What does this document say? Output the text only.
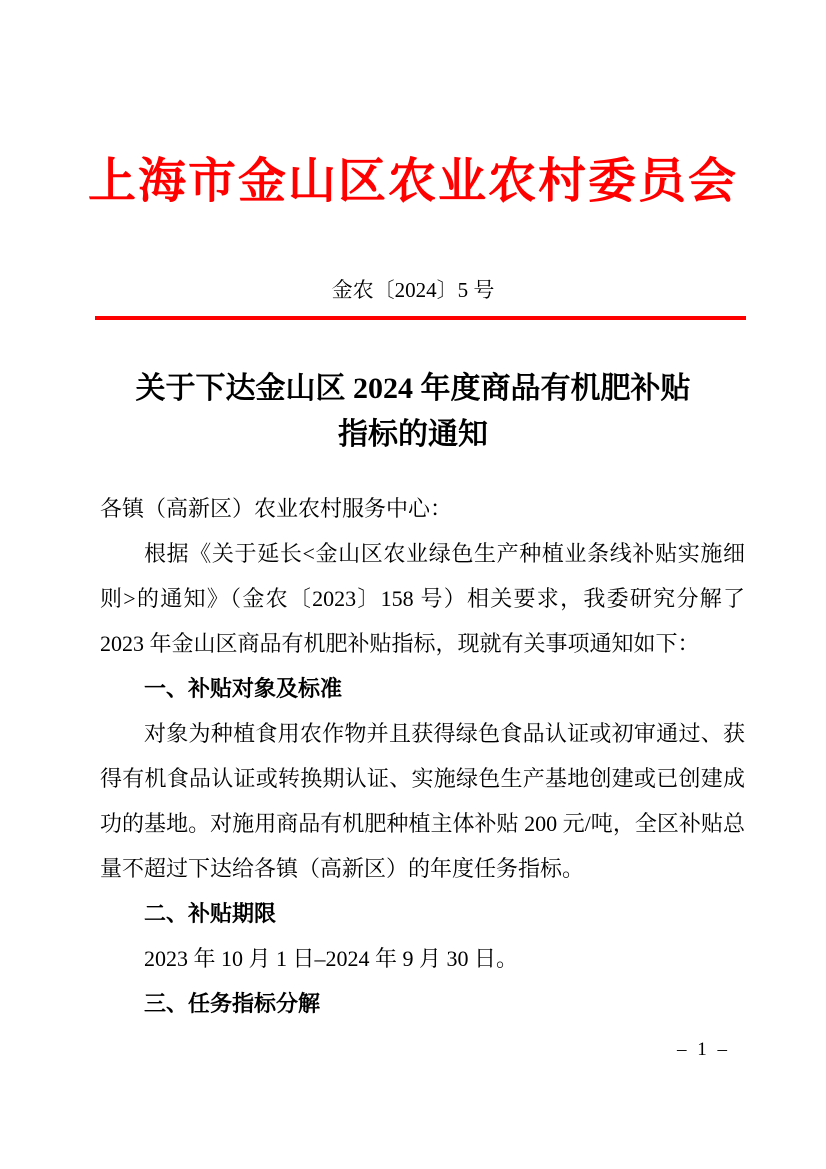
上海市金山区农业农村委员会
金农〔2024〕5 号
关于下达金山区 2024 年度商品有机肥补贴
指标的通知

各镇（高新区）农业农村服务中心：

根据《关于延长<金山区农业绿色生产种植业条线补贴实施细则>的通知》（金农〔2023〕158 号）相关要求，我委研究分解了 2023 年金山区商品有机肥补贴指标，现就有关事项通知如下：

一、补贴对象及标准

对象为种植食用农作物并且获得绿色食品认证或初审通过、获得有机食品认证或转换期认证、实施绿色生产基地创建或已创建成功的基地。对施用商品有机肥种植主体补贴 200 元/吨，全区补贴总量不超过下达给各镇（高新区）的年度任务指标。

二、补贴期限

2023 年 10 月 1 日–2024 年 9 月 30 日。

三、任务指标分解

– 1 –
